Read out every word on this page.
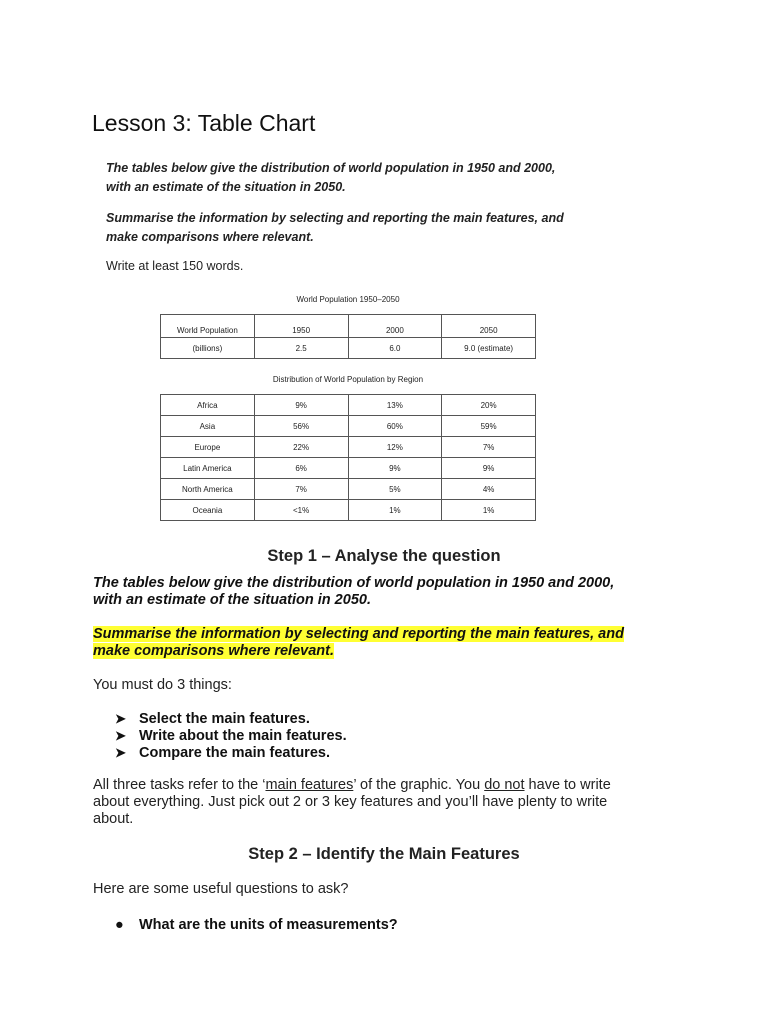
Lesson 3: Table Chart

The tables below give the distribution of world population in 1950 and 2000,

with an estimate of the situation in 2050.

Summarise the information by selecting and reporting the main features, and

make comparisons where relevant.

Write at least 150 words.

World Population 1950–2050

World Population	1950	2000	2050
(billions)	2.5	6.0	9.0 (estimate)

Distribution of World Population by Region

Africa	9%	13%	20%
Asia	56%	60%	59%
Europe	22%	12%	7%
Latin America	6%	9%	9%
North America	7%	5%	4%
Oceania	<1%	1%	1%
Step 1 – Analyse the question

The tables below give the distribution of world population in 1950 and 2000,

with an estimate of the situation in 2050.

Summarise the information by selecting and reporting the main features, and

make comparisons where relevant.

You must do 3 things:

➤ Select the main features.
➤ Write about the main features.
➤ Compare the main features.

All three tasks refer to the ‘main features’ of the graphic. You do not have to write

about everything. Just pick out 2 or 3 key features and you’ll have plenty to write

about.

Step 2 – Identify the Main Features

Here are some useful questions to ask?

● What are the units of measurements?
